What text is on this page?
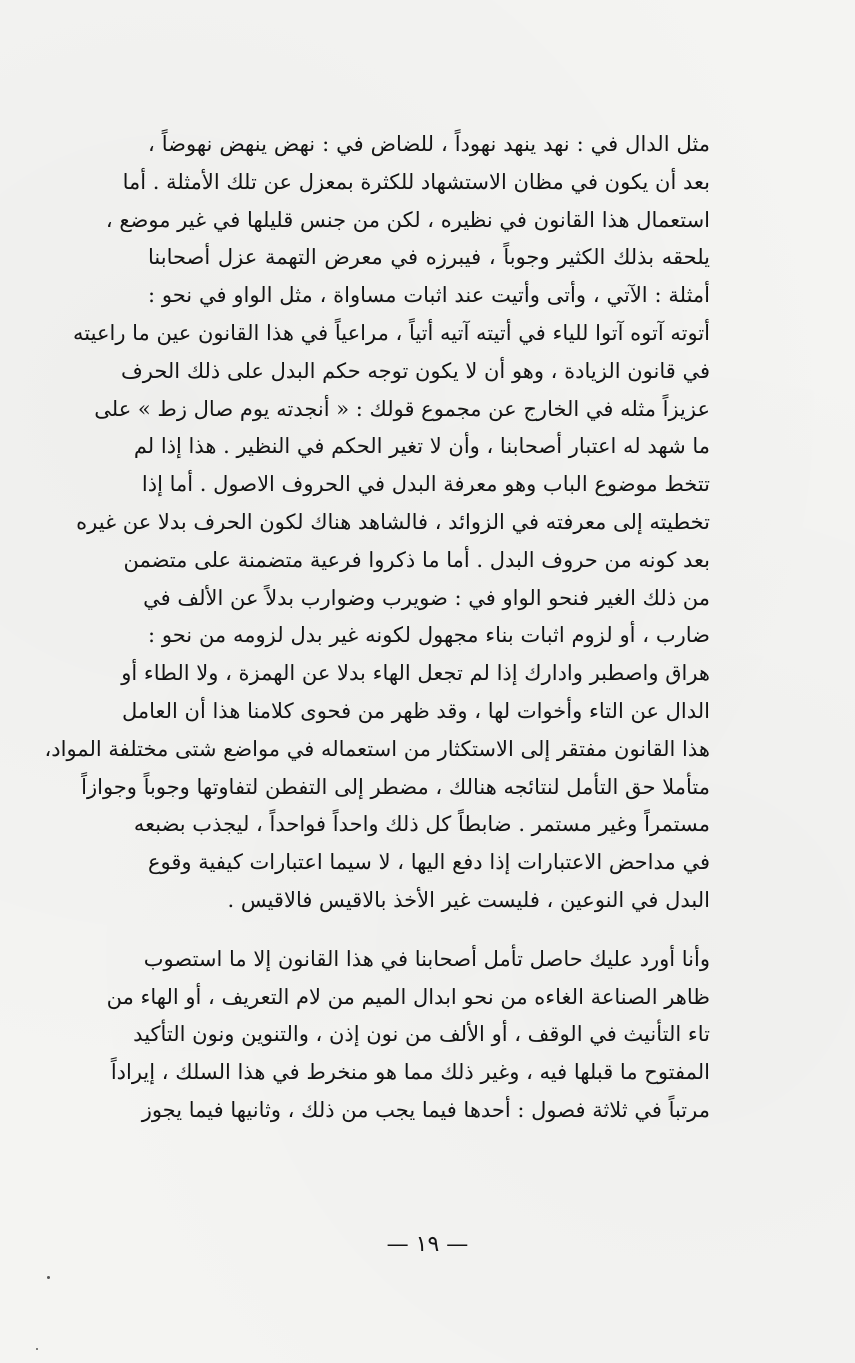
مثل الدال في : نهد ينهد نهوداً ، للضاض في : نهض ينهض نهوضاً ،
بعد أن يكون في مظان الاستشهاد للكثرة بمعزل عن تلك الأمثلة . أما
استعمال هذا القانون في نظيره ، لكن من جنس قليلها في غير موضع ،
يلحقه بذلك الكثير وجوباً ، فيبرزه في معرض التهمة عزل أصحابنا
أمثلة : الآتي ، وأتى وأتيت عند اثبات مساواة ، مثل الواو في نحو :
أتوته آتوه آتوا للياء في أتيته آتيه أتياً ، مراعياً في هذا القانون عين ما راعيته
في قانون الزيادة ، وهو أن لا يكون توجه حكم البدل على ذلك الحرف
عزيزاً مثله في الخارج عن مجموع قولك : « أنجدته يوم صال زط » على
ما شهد له اعتبار أصحابنا ، وأن لا تغير الحكم في النظير . هذا إذا لم
تتخط موضوع الباب وهو معرفة البدل في الحروف الاصول . أما إذا
تخطيته إلى معرفته في الزوائد ، فالشاهد هناك لكون الحرف بدلا عن غيره
بعد كونه من حروف البدل . أما ما ذكروا فرعية متضمنة على متضمن
من ذلك الغير فنحو الواو في : ضويرب وضوارب بدلاً عن الألف في
ضارب ، أو لزوم اثبات بناء مجهول لكونه غير بدل لزومه من نحو :
هراق واصطبر وادارك إذا لم تجعل الهاء بدلا عن الهمزة ، ولا الطاء أو
الدال عن التاء وأخوات لها ، وقد ظهر من فحوى كلامنا هذا أن العامل
هذا القانون مفتقر إلى الاستكثار من استعماله في مواضع شتى مختلفة المواد،
متأملا حق التأمل لنتائجه هنالك ، مضطر إلى التفطن لتفاوتها وجوباً وجوازاً
مستمراً وغير مستمر . ضابطاً كل ذلك واحداً فواحداً ، ليجذب بضبعه
في مداحض الاعتبارات إذا دفع اليها ، لا سيما اعتبارات كيفية وقوع
البدل في النوعين ، فليست غير الأخذ بالاقيس فالاقيس .
وأنا أورد عليك حاصل تأمل أصحابنا في هذا القانون إلا ما استصوب
ظاهر الصناعة الغاءه من نحو ابدال الميم من لام التعريف ، أو الهاء من
تاء التأنيث في الوقف ، أو الألف من نون إذن ، والتنوين ونون التأكيد
المفتوح ما قبلها فيه ، وغير ذلك مما هو منخرط في هذا السلك ، إيراداً
مرتباً في ثلاثة فصول : أحدها فيما يجب من ذلك ، وثانيها فيما يجوز
— ١٩ —
